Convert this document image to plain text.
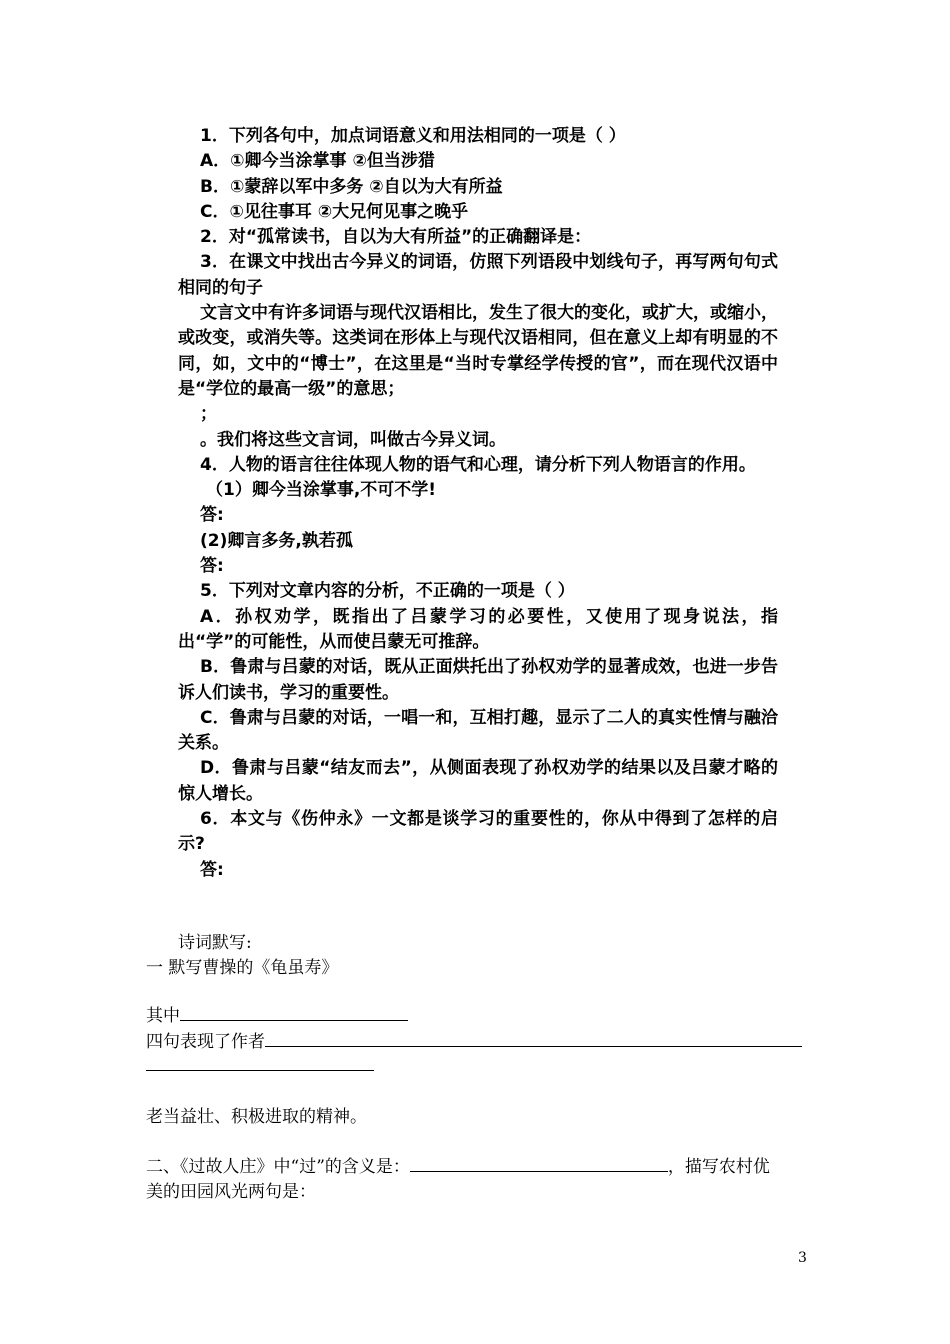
1．下列各句中，加点词语意义和用法相同的一项是（ ）

A．①卿今当涂掌事 ②但当涉猎

B．①蒙辞以军中多务 ②自以为大有所益

C．①见往事耳 ②大兄何见事之晚乎

2．对“孤常读书，自以为大有所益”的正确翻译是：

3．在课文中找出古今异义的词语，仿照下列语段中划线句子，再写两句句式相同的句子

文言文中有许多词语与现代汉语相比，发生了很大的变化，或扩大，或缩小，或改变，或消失等。这类词在形体上与现代汉语相同，但在意义上却有明显的不同，如，文中的“博士”，在这里是“当时专掌经学传授的官”，而在现代汉语中是“学位的最高一级”的意思；

；

。我们将这些文言词，叫做古今异义词。

4．人物的语言往往体现人物的语气和心理，请分析下列人物语言的作用。

（1）卿今当涂掌事,不可不学!

答:

(2)卿言多务,孰若孤

答:

5．下列对文章内容的分析，不正确的一项是（ ）

A．孙权劝学，既指出了吕蒙学习的必要性，又使用了现身说法，指出“学”的可能性，从而使吕蒙无可推辞。

B．鲁肃与吕蒙的对话，既从正面烘托出了孙权劝学的显著成效，也进一步告诉人们读书，学习的重要性。

C．鲁肃与吕蒙的对话，一唱一和，互相打趣，显示了二人的真实性情与融洽关系。

D．鲁肃与吕蒙“结友而去”，从侧面表现了孙权劝学的结果以及吕蒙才略的惊人增长。

6．本文与《伤仲永》一文都是谈学习的重要性的，你从中得到了怎样的启示?

答:

诗词默写:
一 默写曹操的《龟虽寿》
其中
四句表现了作者
老当益壮、积极进取的精神。
二、《过故人庄》中“过”的含义是：	，描写农村优
美的田园风光两句是：
3
